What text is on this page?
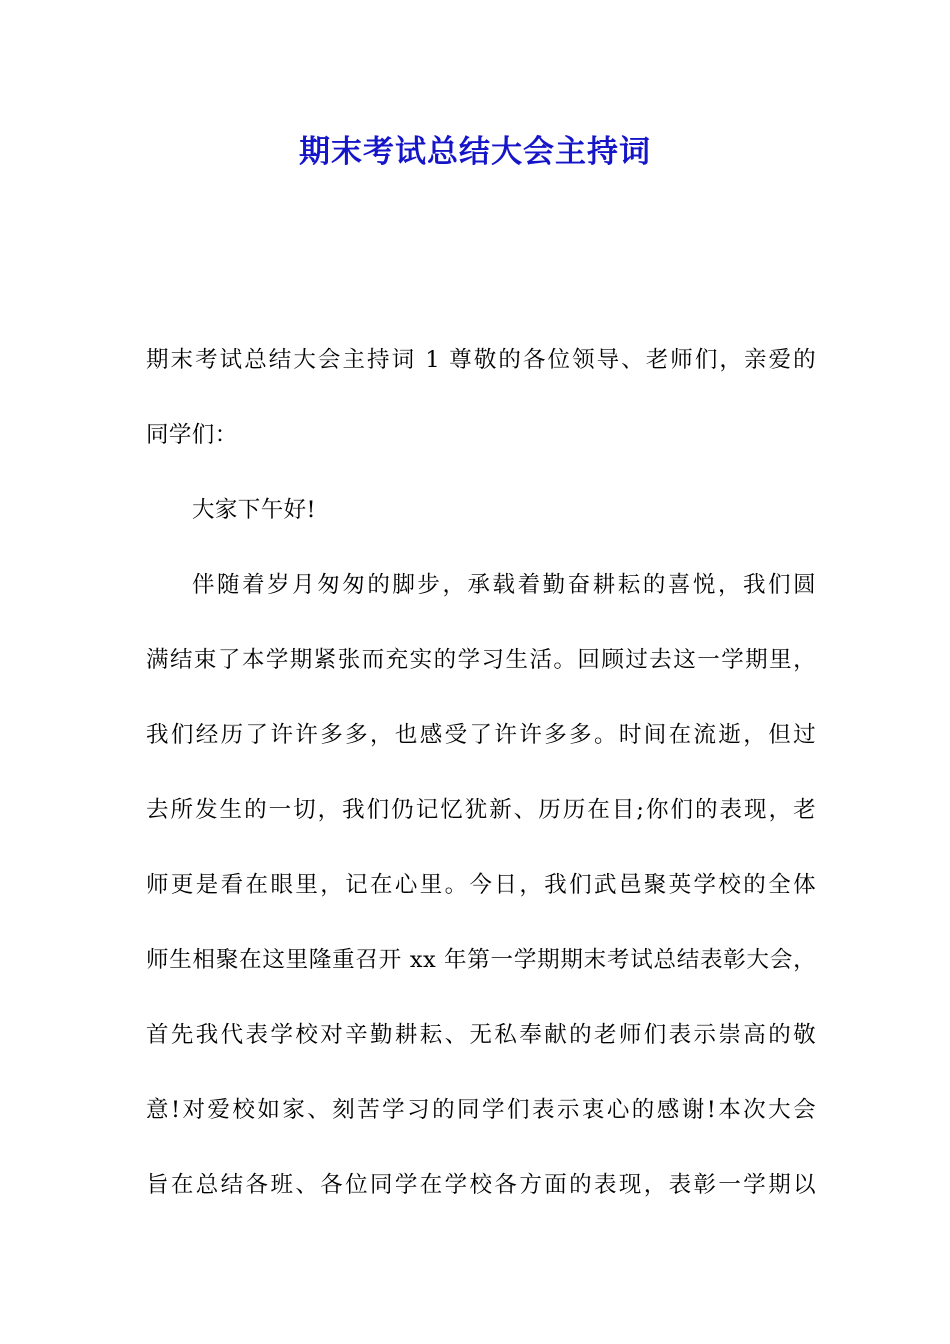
期末考试总结大会主持词
期末考试总结大会主持词 1 尊敬的各位领导、老师们，亲爱的
同学们：
大家下午好!
伴随着岁月匆匆的脚步，承载着勤奋耕耘的喜悦，我们圆
满结束了本学期紧张而充实的学习生活。回顾过去这一学期里，
我们经历了许许多多，也感受了许许多多。时间在流逝，但过
去所发生的一切，我们仍记忆犹新、历历在目;你们的表现，老
师更是看在眼里，记在心里。今日，我们武邑聚英学校的全体
师生相聚在这里隆重召开 xx 年第一学期期末考试总结表彰大会，
首先我代表学校对辛勤耕耘、无私奉献的老师们表示崇高的敬
意!对爱校如家、刻苦学习的同学们表示衷心的感谢!本次大会
旨在总结各班、各位同学在学校各方面的表现，表彰一学期以
